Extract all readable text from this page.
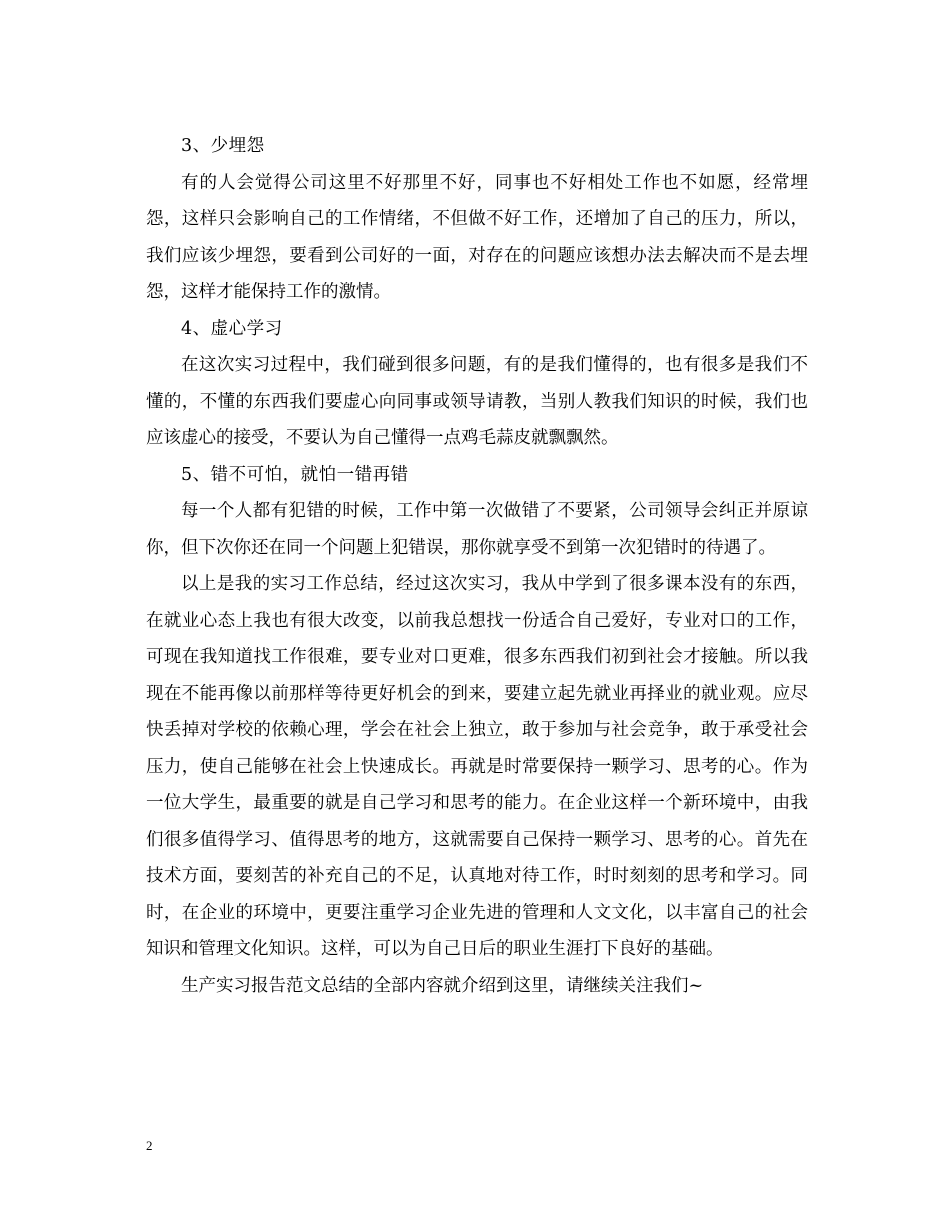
3、少埋怨

有的人会觉得公司这里不好那里不好，同事也不好相处工作也不如愿，经常埋怨，这样只会影响自己的工作情绪，不但做不好工作，还增加了自己的压力，所以，我们应该少埋怨，要看到公司好的一面，对存在的问题应该想办法去解决而不是去埋怨，这样才能保持工作的激情。

4、虚心学习

在这次实习过程中，我们碰到很多问题，有的是我们懂得的，也有很多是我们不懂的，不懂的东西我们要虚心向同事或领导请教，当别人教我们知识的时候，我们也应该虚心的接受，不要认为自己懂得一点鸡毛蒜皮就飘飘然。

5、错不可怕，就怕一错再错

每一个人都有犯错的时候，工作中第一次做错了不要紧，公司领导会纠正并原谅你，但下次你还在同一个问题上犯错误，那你就享受不到第一次犯错时的待遇了。

以上是我的实习工作总结，经过这次实习，我从中学到了很多课本没有的东西，在就业心态上我也有很大改变，以前我总想找一份适合自己爱好，专业对口的工作，可现在我知道找工作很难，要专业对口更难，很多东西我们初到社会才接触。所以我现在不能再像以前那样等待更好机会的到来，要建立起先就业再择业的就业观。应尽快丢掉对学校的依赖心理，学会在社会上独立，敢于参加与社会竞争，敢于承受社会压力，使自己能够在社会上快速成长。再就是时常要保持一颗学习、思考的心。作为一位大学生，最重要的就是自己学习和思考的能力。在企业这样一个新环境中，由我们很多值得学习、值得思考的地方，这就需要自己保持一颗学习、思考的心。首先在技术方面，要刻苦的补充自己的不足，认真地对待工作，时时刻刻的思考和学习。同时，在企业的环境中，更要注重学习企业先进的管理和人文文化，以丰富自己的社会知识和管理文化知识。这样，可以为自己日后的职业生涯打下良好的基础。

生产实习报告范文总结的全部内容就介绍到这里，请继续关注我们~

2
